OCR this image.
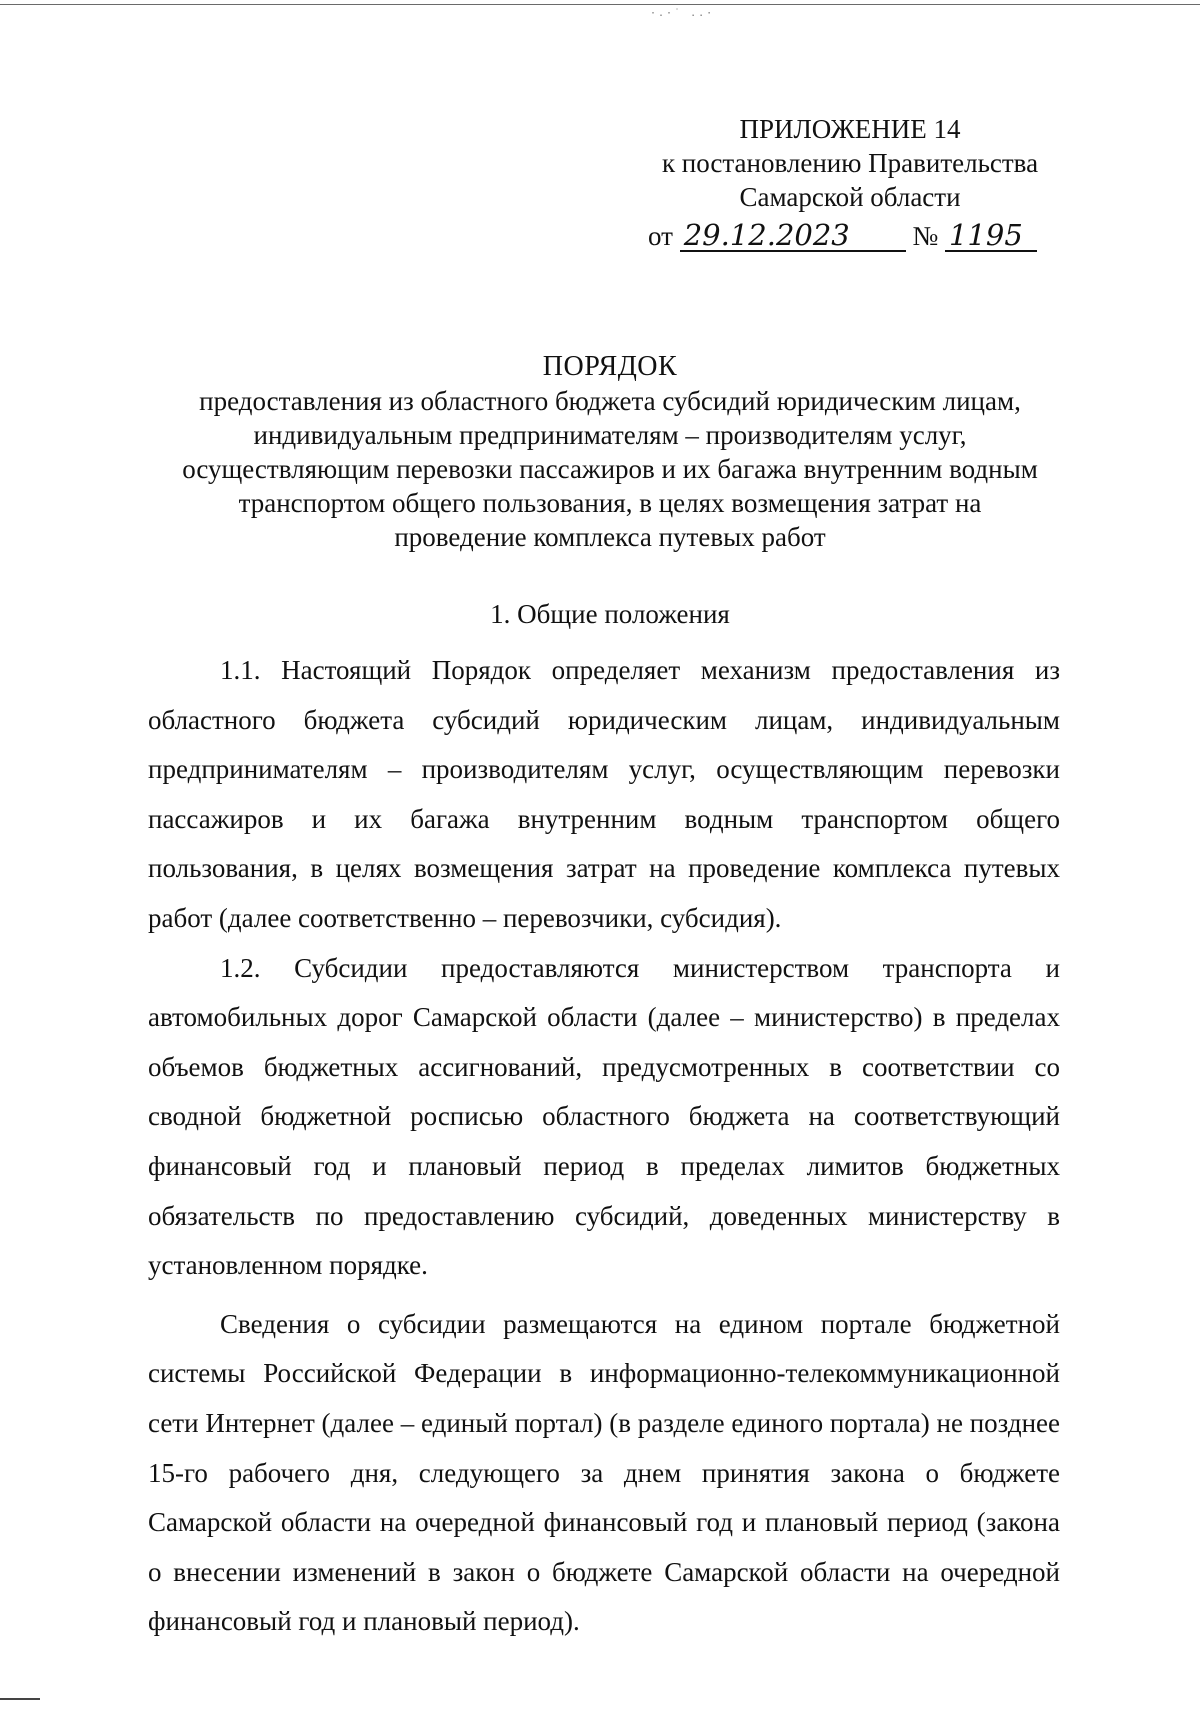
·.·˙ ..·
ПРИЛОЖЕНИЕ 14
к постановлению Правительства
Самарской области
от 29.12.2023 № 1195
ПОРЯДОК
предоставления из областного бюджета субсидий юридическим лицам,
индивидуальным предпринимателям – производителям услуг,
осуществляющим перевозки пассажиров и их багажа внутренним водным
транспортом общего пользования, в целях возмещения затрат на
проведение комплекса путевых работ
1. Общие положения

1.1. Настоящий Порядок определяет механизм предоставления из областного бюджета субсидий юридическим лицам, индивидуальным предпринимателям – производителям услуг, осуществляющим перевозки пассажиров и их багажа внутренним водным транспортом общего пользования, в целях возмещения затрат на проведение комплекса путевых работ (далее соответственно – перевозчики, субсидия).

1.2. Субсидии предоставляются министерством транспорта и автомобильных дорог Самарской области (далее – министерство) в пределах объемов бюджетных ассигнований, предусмотренных в соответствии со сводной бюджетной росписью областного бюджета на соответствующий финансовый год и плановый период в пределах лимитов бюджетных обязательств по предоставлению субсидий, доведенных министерству в установленном порядке.

Сведения о субсидии размещаются на едином портале бюджетной системы Российской Федерации в информационно-телекоммуникационной сети Интернет (далее – единый портал) (в разделе единого портала) не позднее 15-го рабочего дня, следующего за днем принятия закона о бюджете Самарской области на очередной финансовый год и плановый период (закона о внесении изменений в закон о бюджете Самарской области на очередной финансовый год и плановый период).
